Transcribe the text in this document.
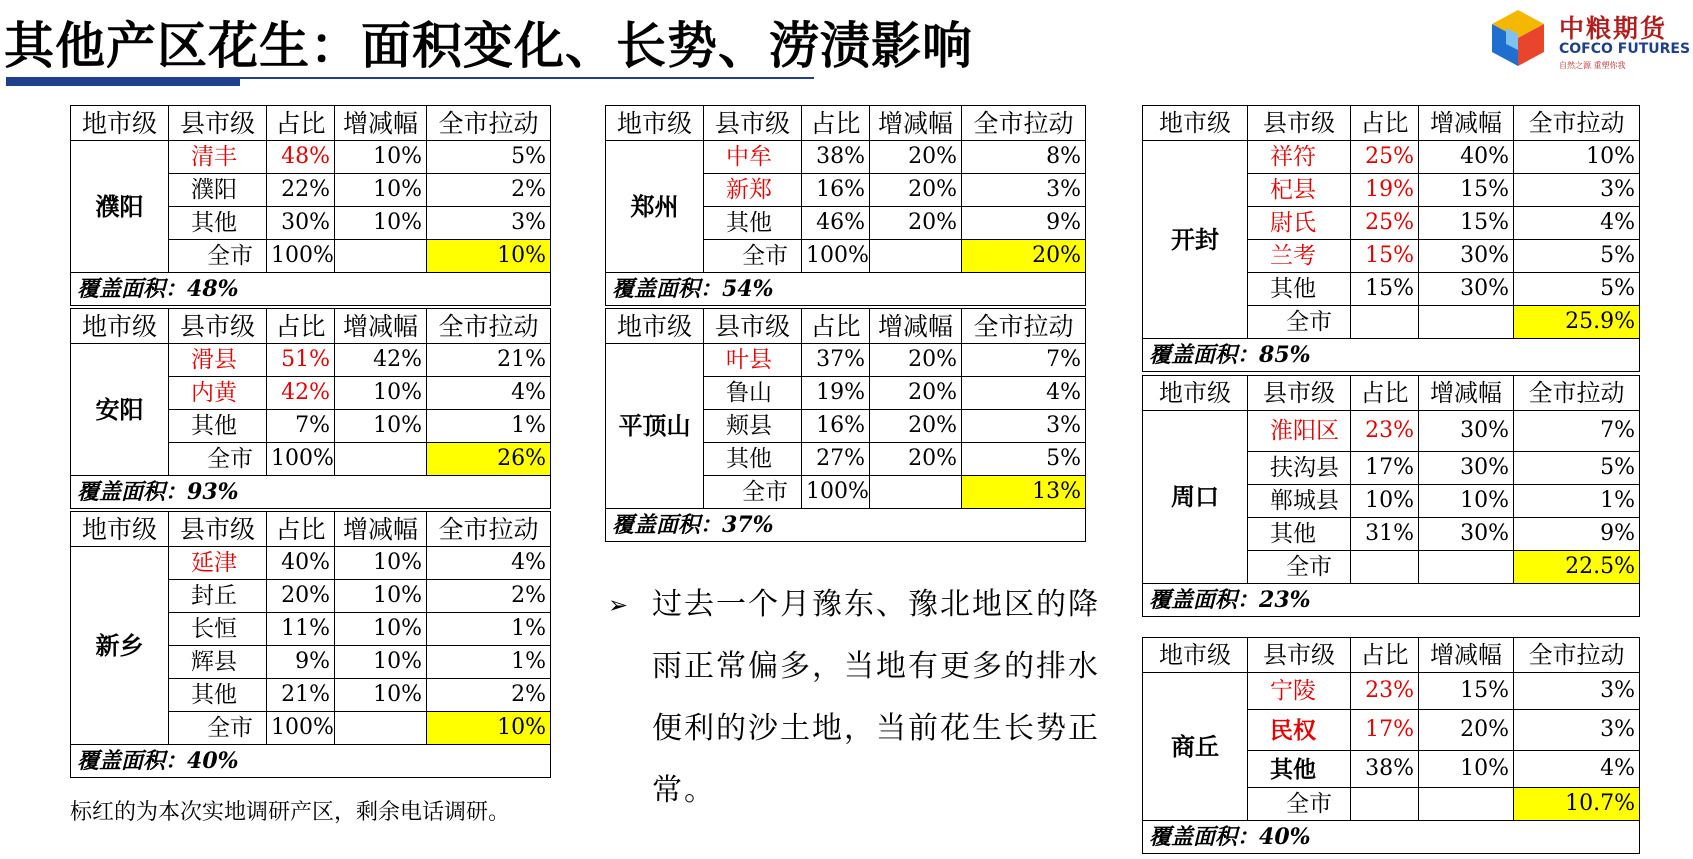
其他产区花生：面积变化、长势、涝渍影响	中粮期货
COFCO FUTURES
自然之源 重塑你我
地市级	县市级	占比	增减幅	全市拉动
濮阳	清丰	48%	10%	5%
	濮阳	22%	10%	2%
	其他	30%	10%	3%
	全市	100%		10%
覆盖面积：48%				
地市级	县市级	占比	增减幅	全市拉动
安阳	滑县	51%	42%	21%
	内黄	42%	10%	4%
	其他	7%	10%	1%
	全市	100%		26%
覆盖面积：93%				
地市级	县市级	占比	增减幅	全市拉动
新乡	延津	40%	10%	4%
	封丘	20%	10%	2%
	长恒	11%	10%	1%
	辉县	9%	10%	1%
	其他	21%	10%	2%
	全市	100%		10%
覆盖面积：40%				
地市级	县市级	占比	增减幅	全市拉动
郑州	中牟	38%	20%	8%
	新郑	16%	20%	3%
	其他	46%	20%	9%
	全市	100%		20%
覆盖面积：54%				
地市级	县市级	占比	增减幅	全市拉动
平顶山	叶县	37%	20%	7%
	鲁山	19%	20%	4%
	颊县	16%	20%	3%
	其他	27%	20%	5%
	全市	100%		13%
覆盖面积：37%				
地市级	县市级	占比	增减幅	全市拉动
开封	祥符	25%	40%	10%
	杞县	19%	15%	3%
	尉氏	25%	15%	4%
	兰考	15%	30%	5%
	其他	15%	30%	5%
	全市			25.9%
覆盖面积：85%				
地市级	县市级	占比	增减幅	全市拉动
周口	淮阳区	23%	30%	7%
	扶沟县	17%	30%	5%
	郸城县	10%	10%	1%
	其他	31%	30%	9%
	全市			22.5%
覆盖面积：23%				
地市级	县市级	占比	增减幅	全市拉动
商丘	宁陵	23%	15%	3%
	民权	17%	20%	3%
	其他	38%	10%	4%
	全市			10.7%
覆盖面积：40%				
➢ 过去一个月豫东、豫北地区的降雨正常偏多，当地有更多的排水便利的沙土地，当前花生长势正常。
标红的为本次实地调研产区，剩余电话调研。
